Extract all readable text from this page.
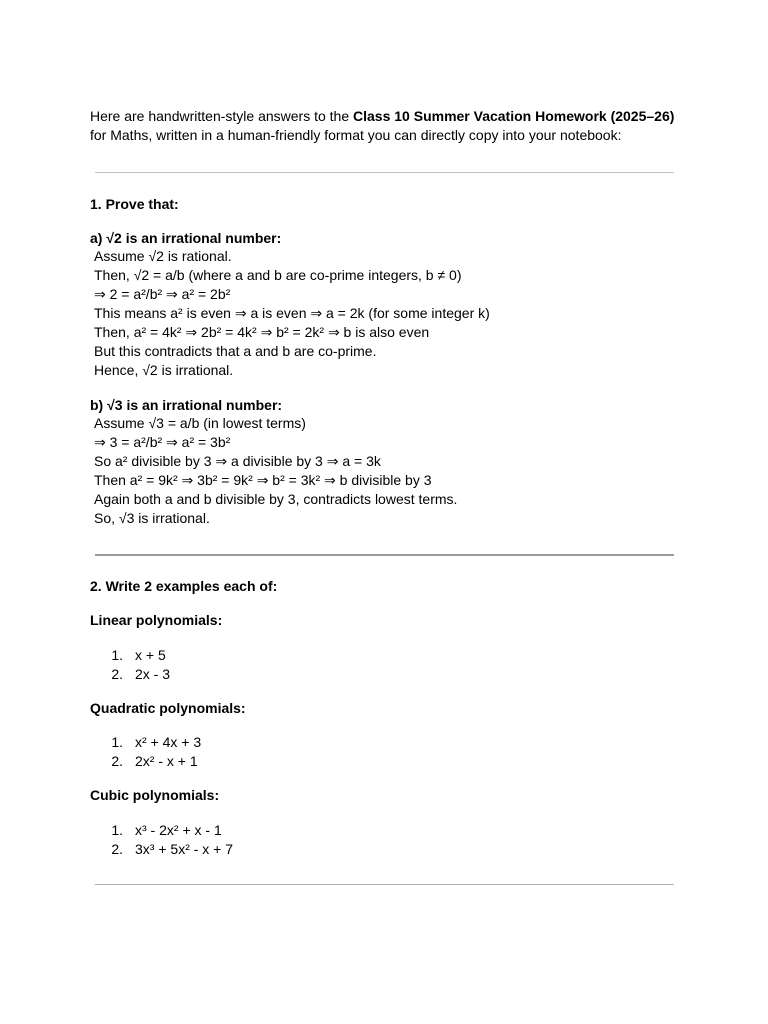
Here are handwritten-style answers to the Class 10 Summer Vacation Homework (2025–26)
for Maths, written in a human-friendly format you can directly copy into your notebook:
1. Prove that:
a) √2 is an irrational number:
Assume √2 is rational.
Then, √2 = a/b (where a and b are co-prime integers, b ≠ 0)
⇒ 2 = a²/b² ⇒ a² = 2b²
This means a² is even ⇒ a is even ⇒ a = 2k (for some integer k)
Then, a² = 4k² ⇒ 2b² = 4k² ⇒ b² = 2k² ⇒ b is also even
But this contradicts that a and b are co-prime.
Hence, √2 is irrational.
b) √3 is an irrational number:
Assume √3 = a/b (in lowest terms)
⇒ 3 = a²/b² ⇒ a² = 3b²
So a² divisible by 3 ⇒ a divisible by 3 ⇒ a = 3k
Then a² = 9k² ⇒ 3b² = 9k² ⇒ b² = 3k² ⇒ b divisible by 3
Again both a and b divisible by 3, contradicts lowest terms.
So, √3 is irrational.
2. Write 2 examples each of:
Linear polynomials:
1. x + 5
2. 2x - 3
Quadratic polynomials:
1. x² + 4x + 3
2. 2x² - x + 1
Cubic polynomials:
1. x³ - 2x² + x - 1
2. 3x³ + 5x² - x + 7
